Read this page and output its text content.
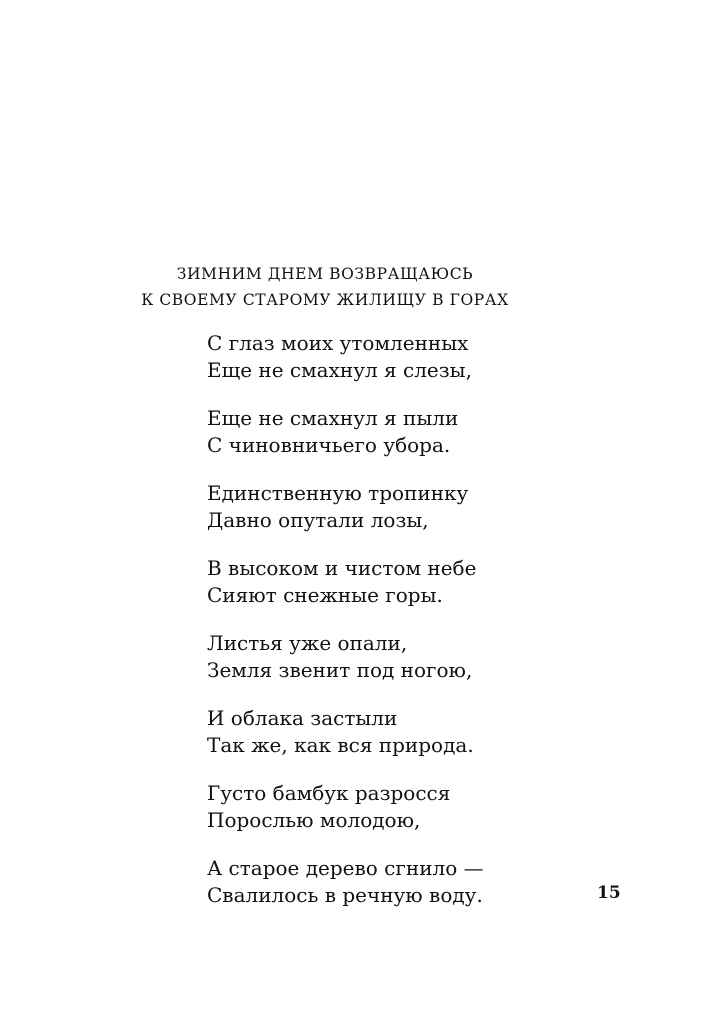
ЗИМНИМ ДНЕМ ВОЗВРАЩАЮСЬ
К СВОЕМУ СТАРОМУ ЖИЛИЩУ В ГОРАХ
С глаз моих утомленных
Еще не смахнул я слезы,
Еще не смахнул я пыли
С чиновничьего убора.
Единственную тропинку
Давно опутали лозы,
В высоком и чистом небе
Сияют снежные горы.
Листья уже опали,
Земля звенит под ногою,
И облака застыли
Так же, как вся природа.
Густо бамбук разросся
Порослью молодою,
А старое дерево сгнило —
Свалилось в речную воду.	15
